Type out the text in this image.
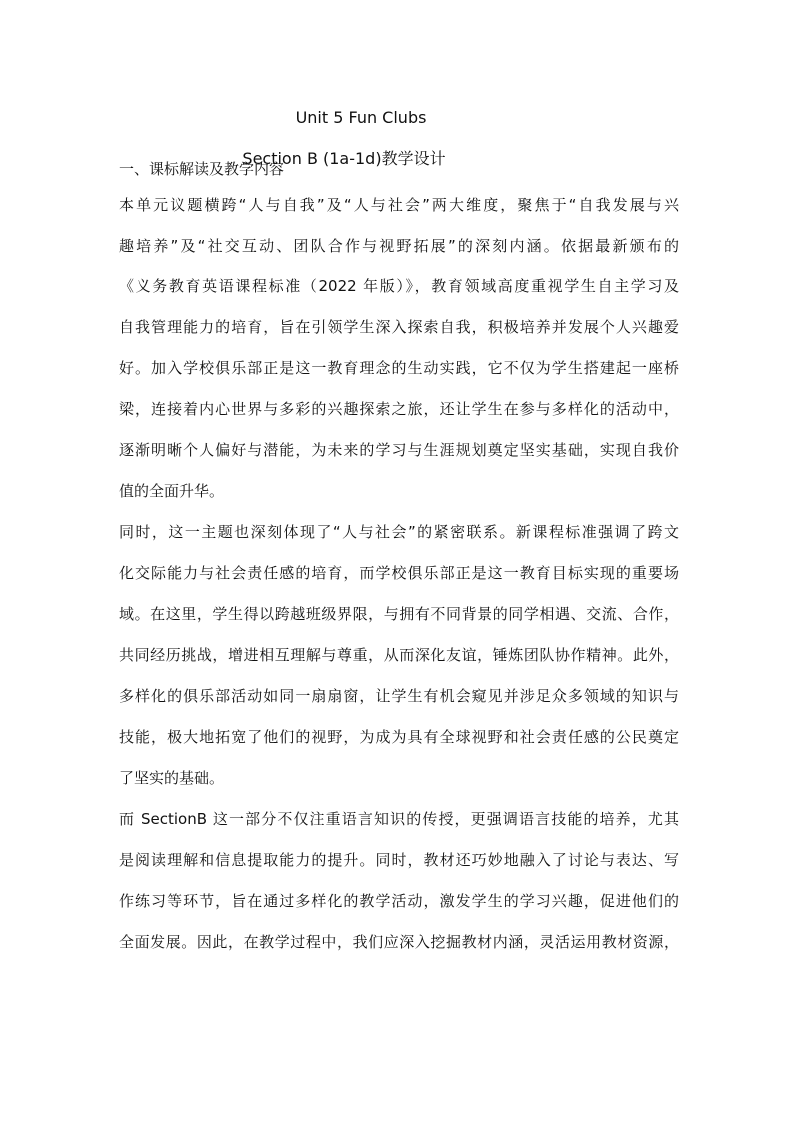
Unit 5 Fun Clubs
Section B (1a-1d)教学设计
一、课标解读及教学内容
本单元议题横跨“人与自我”及“人与社会”两大维度，聚焦于“自我发展与兴
趣培养”及“社交互动、团队合作与视野拓展”的深刻内涵。依据最新颁布的
《义务教育英语课程标准（2022 年版）》，教育领域高度重视学生自主学习及
自我管理能力的培育，旨在引领学生深入探索自我，积极培养并发展个人兴趣爱
好。加入学校俱乐部正是这一教育理念的生动实践，它不仅为学生搭建起一座桥
梁，连接着内心世界与多彩的兴趣探索之旅，还让学生在参与多样化的活动中，
逐渐明晰个人偏好与潜能，为未来的学习与生涯规划奠定坚实基础，实现自我价
值的全面升华。
同时，这一主题也深刻体现了“人与社会”的紧密联系。新课程标准强调了跨文
化交际能力与社会责任感的培育，而学校俱乐部正是这一教育目标实现的重要场
域。在这里，学生得以跨越班级界限，与拥有不同背景的同学相遇、交流、合作，
共同经历挑战，增进相互理解与尊重，从而深化友谊，锤炼团队协作精神。此外，
多样化的俱乐部活动如同一扇扇窗，让学生有机会窥见并涉足众多领域的知识与
技能，极大地拓宽了他们的视野，为成为具有全球视野和社会责任感的公民奠定
了坚实的基础。
而 SectionB 这一部分不仅注重语言知识的传授，更强调语言技能的培养，尤其
是阅读理解和信息提取能力的提升。同时，教材还巧妙地融入了讨论与表达、写
作练习等环节，旨在通过多样化的教学活动，激发学生的学习兴趣，促进他们的
全面发展。因此，在教学过程中，我们应深入挖掘教材内涵，灵活运用教材资源，
